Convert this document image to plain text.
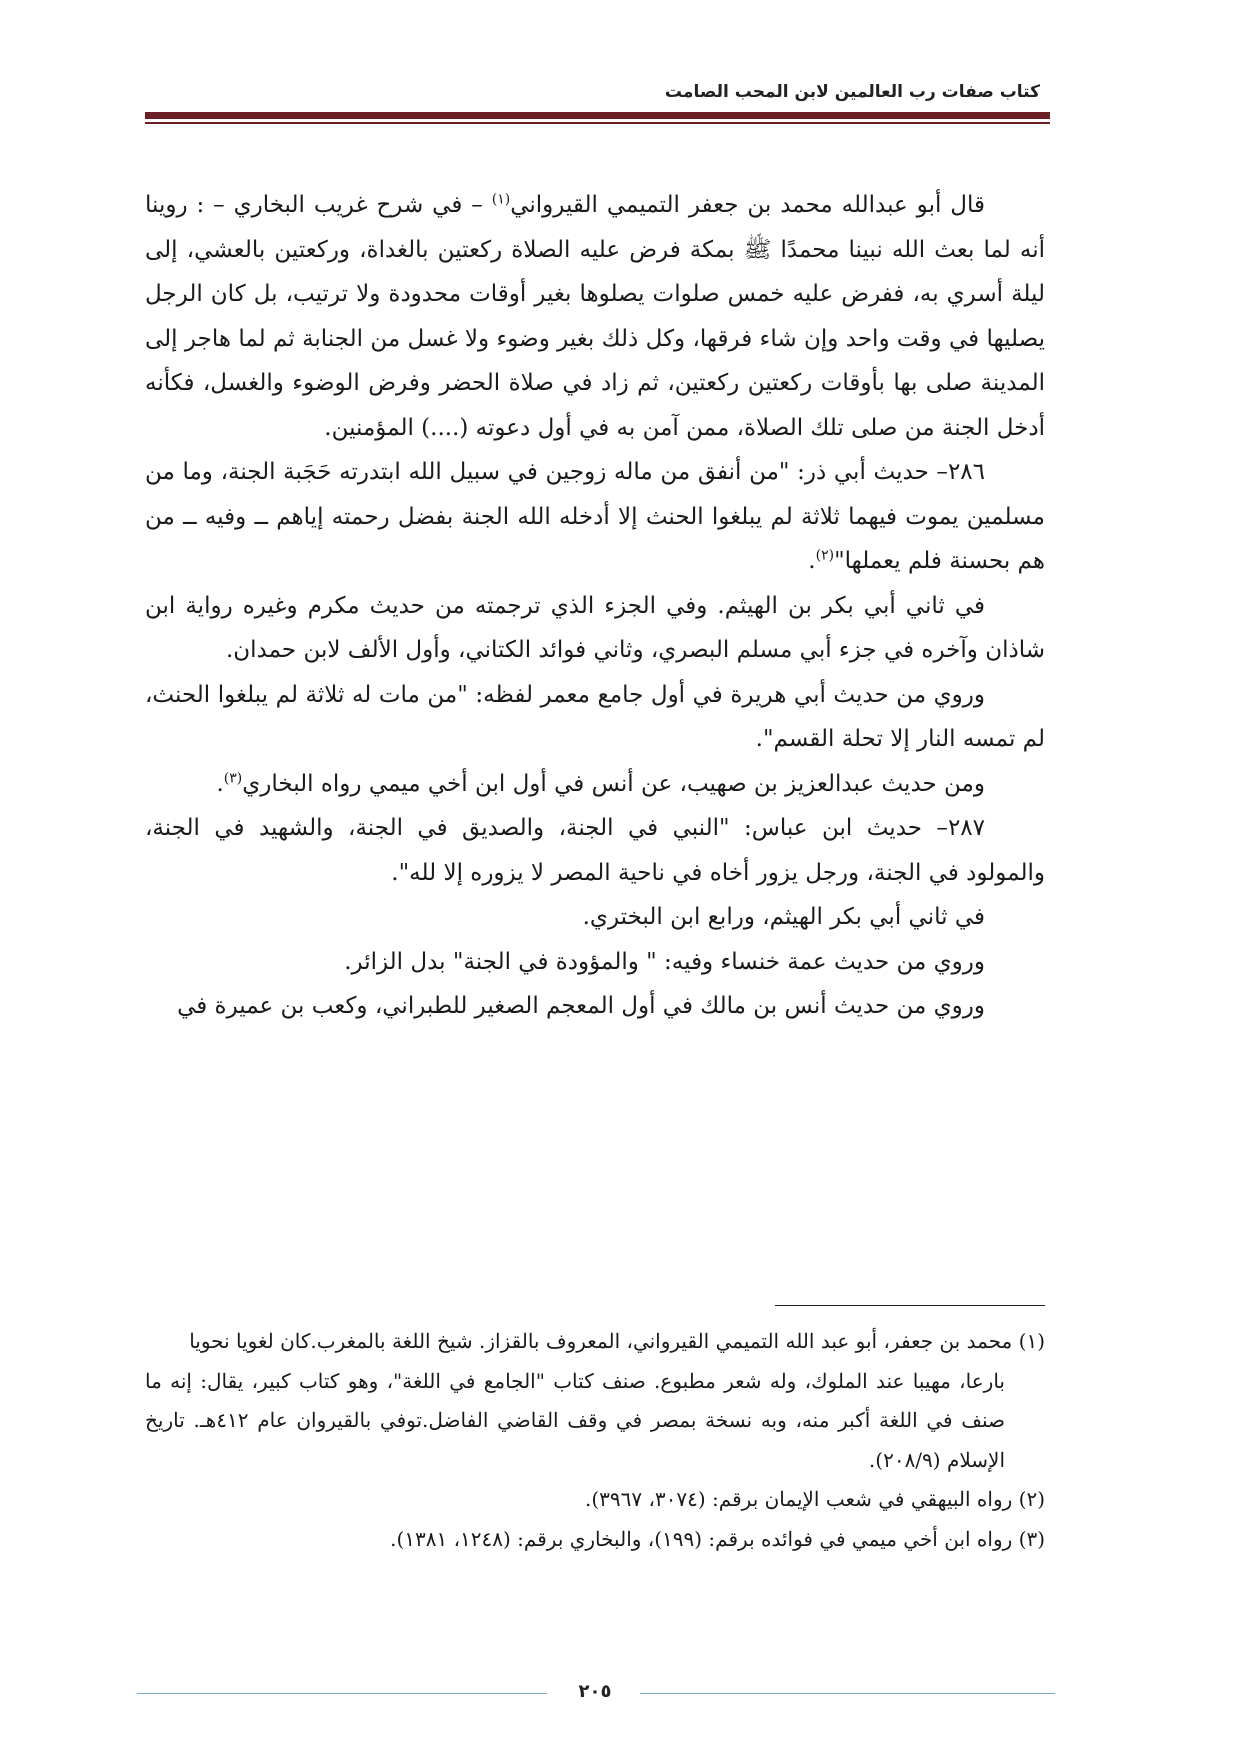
كتاب صفات رب العالمين لابن المحب الصامت

قال أبو عبدالله محمد بن جعفر التميمي القيرواني$^{(١)}$ – في شرح غريب البخاري – : روينا أنه لما بعث الله نبينا محمدًا ﷺ بمكة فرض عليه الصلاة ركعتين بالغداة، وركعتين بالعشي، إلى ليلة أسري به، ففرض عليه خمس صلوات يصلوها بغير أوقات محدودة ولا ترتيب، بل كان الرجل يصليها في وقت واحد وإن شاء فرقها، وكل ذلك بغير وضوء ولا غسل من الجنابة ثم لما هاجر إلى المدينة صلى بها بأوقات ركعتين ركعتين، ثم زاد في صلاة الحضر وفرض الوضوء والغسل، فكأنه أدخل الجنة من صلى تلك الصلاة، ممن آمن به في أول دعوته (....) المؤمنين.

٢٨٦– حديث أبي ذر: "من أنفق من ماله زوجين في سبيل الله ابتدرته حَجَبة الجنة، وما من مسلمين يموت فيهما ثلاثة لم يبلغوا الحنث إلا أدخله الله الجنة بفضل رحمته إياهم ــ وفيه ــ من هم بحسنة فلم يعملها"$^{(٢)}$.

في ثاني أبي بكر بن الهيثم. وفي الجزء الذي ترجمته من حديث مكرم وغيره رواية ابن شاذان وآخره في جزء أبي مسلم البصري، وثاني فوائد الكتاني، وأول الألف لابن حمدان.

وروي من حديث أبي هريرة في أول جامع معمر لفظه: "من مات له ثلاثة لم يبلغوا الحنث، لم تمسه النار إلا تحلة القسم".

ومن حديث عبدالعزيز بن صهيب، عن أنس في أول ابن أخي ميمي رواه البخاري$^{(٣)}$.

٢٨٧– حديث ابن عباس: "النبي في الجنة، والصديق في الجنة، والشهيد في الجنة، والمولود في الجنة، ورجل يزور أخاه في ناحية المصر لا يزوره إلا لله".

في ثاني أبي بكر الهيثم، ورابع ابن البختري.

وروي من حديث عمة خنساء وفيه: " والمؤودة في الجنة" بدل الزائر.

وروي من حديث أنس بن مالك في أول المعجم الصغير للطبراني، وكعب بن عميرة في

(١) محمد بن جعفر، أبو عبد الله التميمي القيرواني، المعروف بالقزاز. شيخ اللغة بالمغرب.كان لغويا نحويا

بارعا، مهيبا عند الملوك، وله شعر مطبوع. صنف كتاب "الجامع في اللغة"، وهو كتاب كبير، يقال: إنه ما صنف في اللغة أكبر منه، وبه نسخة بمصر في وقف القاضي الفاضل.توفي بالقيروان عام ٤١٢هـ. تاريخ الإسلام (٢٠٨/٩).

(٢) رواه البيهقي في شعب الإيمان برقم: (٣٠٧٤، ٣٩٦٧).

(٣) رواه ابن أخي ميمي في فوائده برقم: (١٩٩)، والبخاري برقم: (١٢٤٨، ١٣٨١).

٢٠٥
